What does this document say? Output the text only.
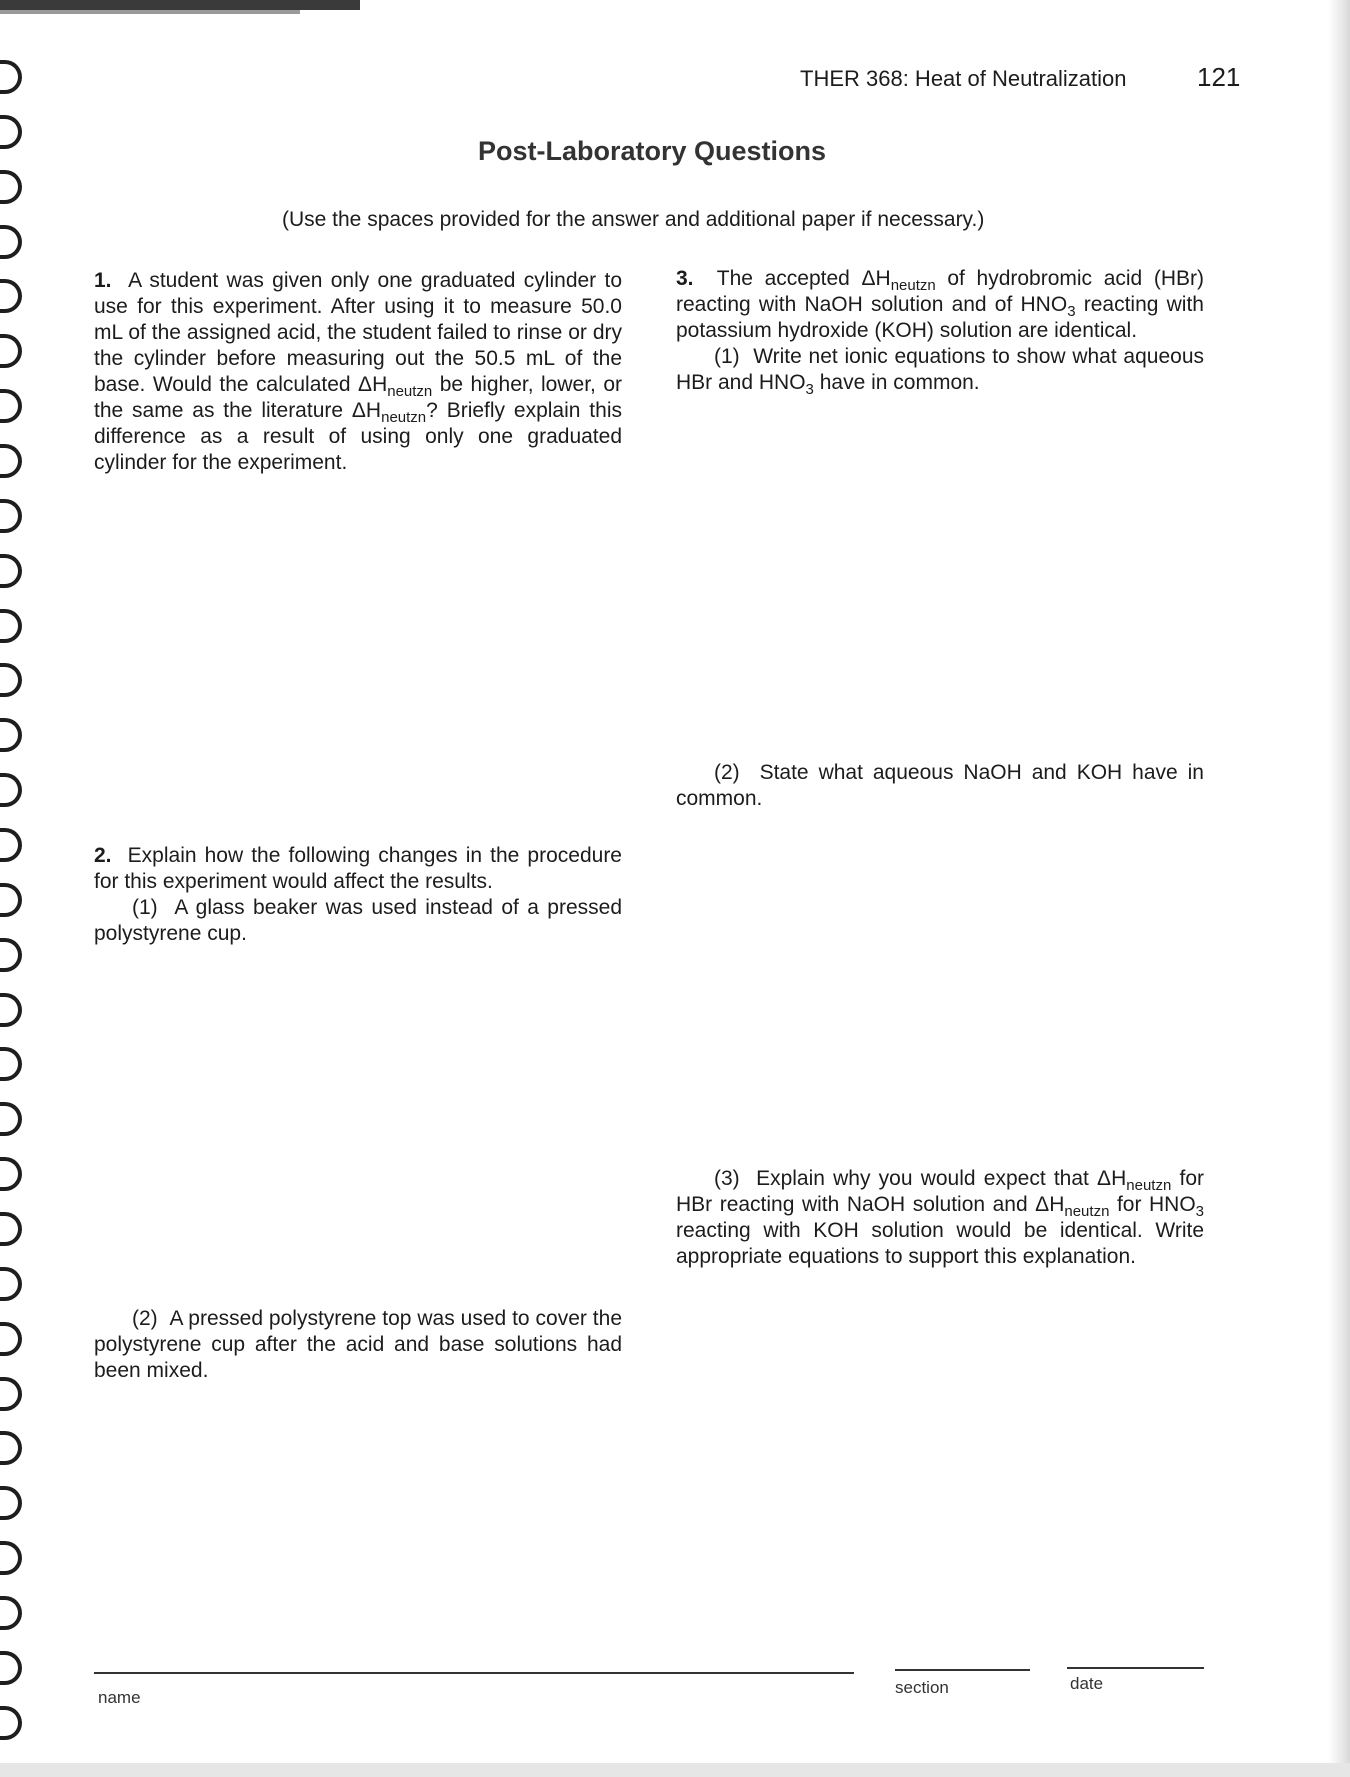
THER 368: Heat of Neutralization	121
Post-Laboratory Questions
(Use the spaces provided for the answer and additional paper if necessary.)
1. A student was given only one graduated cylinder to use for this experiment. After using it to measure 50.0 mL of the assigned acid, the student failed to rinse or dry the cylinder before measuring out the 50.5 mL of the base. Would the calculated $\Delta H_{neutzn}$ be higher, lower, or the same as the literature $\Delta H_{neutzn}$? Briefly explain this difference as a result of using only one graduated cylinder for the experiment.
2. Explain how the following changes in the procedure for this experiment would affect the results.
(1) A glass beaker was used instead of a pressed polystyrene cup.
(2) A pressed polystyrene top was used to cover the polystyrene cup after the acid and base solutions had been mixed.
3. The accepted $\Delta H_{neutzn}$ of hydrobromic acid (HBr) reacting with NaOH solution and of $HNO_3$ reacting with potassium hydroxide (KOH) solution are identical.
(1) Write net ionic equations to show what aqueous HBr and $HNO_3$ have in common.
(2) State what aqueous NaOH and KOH have in common.
(3) Explain why you would expect that $\Delta H_{neutzn}$ for HBr reacting with NaOH solution and $\Delta H_{neutzn}$ for $HNO_3$ reacting with KOH solution would be identical. Write appropriate equations to support this explanation.
name
section	date
